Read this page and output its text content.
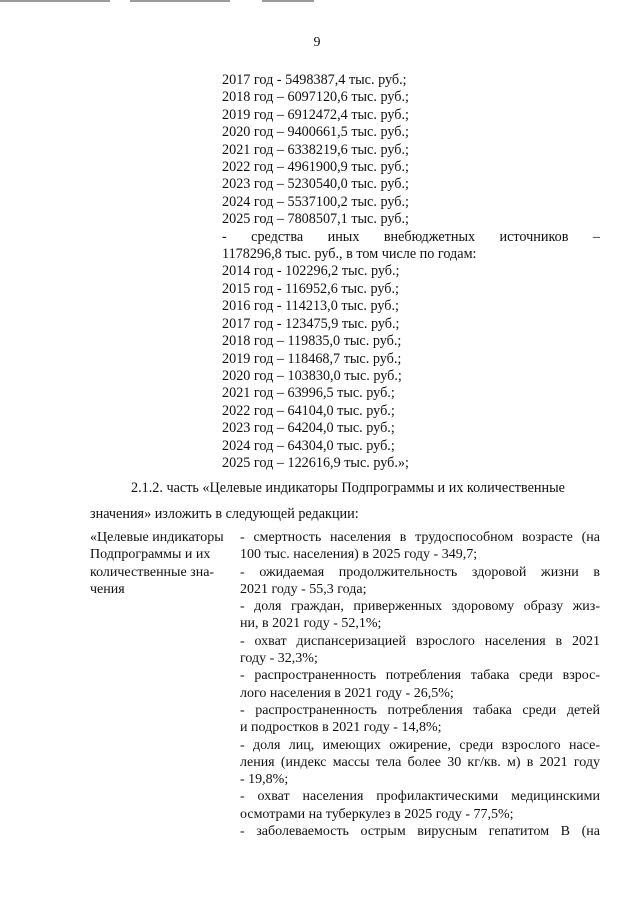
9
2017 год - 5498387,4 тыс. руб.;
2018 год – 6097120,6 тыс. руб.;
2019 год – 6912472,4 тыс. руб.;
2020 год – 9400661,5 тыс. руб.;
2021 год – 6338219,6 тыс. руб.;
2022 год – 4961900,9 тыс. руб.;
2023 год – 5230540,0 тыс. руб.;
2024 год – 5537100,2 тыс. руб.;
2025 год – 7808507,1 тыс. руб.;
- средства иных внебюджетных источников –
1178296,8 тыс. руб., в том числе по годам:
2014 год - 102296,2 тыс. руб.;
2015 год - 116952,6 тыс. руб.;
2016 год - 114213,0 тыс. руб.;
2017 год - 123475,9 тыс. руб.;
2018 год – 119835,0 тыс. руб.;
2019 год – 118468,7 тыс. руб.;
2020 год – 103830,0 тыс. руб.;
2021 год – 63996,5 тыс. руб.;
2022 год – 64104,0 тыс. руб.;
2023 год – 64204,0 тыс. руб.;
2024 год – 64304,0 тыс. руб.;
2025 год – 122616,9 тыс. руб.»;
2.1.2. часть «Целевые индикаторы Подпрограммы и их количественные
значения» изложить в следующей редакции:
«Целевые индикаторы
Подпрограммы и их
количественные зна-
чения
- смертность населения в трудоспособном возрасте (на
100 тыс. населения) в 2025 году - 349,7;
- ожидаемая продолжительность здоровой жизни в
2021 году - 55,3 года;
- доля граждан, приверженных здоровому образу жиз-
ни, в 2021 году - 52,1%;
- охват диспансеризацией взрослого населения в 2021
году - 32,3%;
- распространенность потребления табака среди взрос-
лого населения в 2021 году - 26,5%;
- распространенность потребления табака среди детей
и подростков в 2021 году - 14,8%;
- доля лиц, имеющих ожирение, среди взрослого насе-
ления (индекс массы тела более 30 кг/кв. м) в 2021 году
- 19,8%;
- охват населения профилактическими медицинскими
осмотрами на туберкулез в 2025 году - 77,5%;
- заболеваемость острым вирусным гепатитом В (на
